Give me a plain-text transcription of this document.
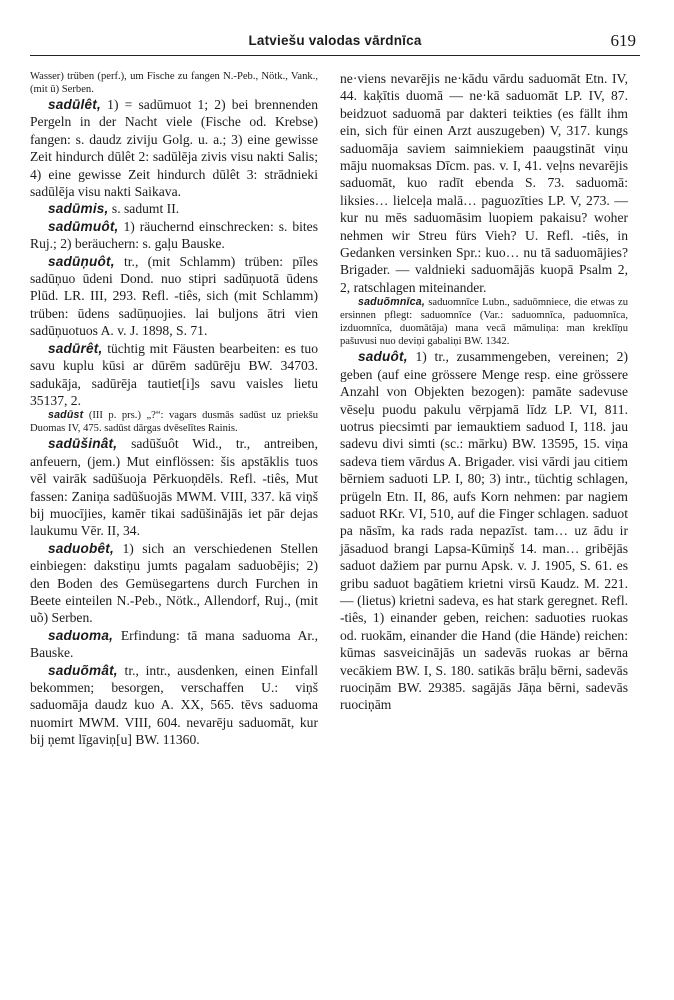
Latviešu valodas vārdnīca	619

Wasser) trüben (perf.), um Fische zu fangen N.-Peb., Nötk., Vank., (mit ū) Serben.

sadūlêt, 1) = sadūmuot 1; 2) bei brennenden Pergeln in der Nacht viele (Fische od. Krebse) fangen: s. daudz ziviju Golg. u. a.; 3) eine gewisse Zeit hindurch dūlêt 2: sadūlēja zivis visu nakti Salis; 4) eine gewisse Zeit hindurch dūlêt 3: strādnieki sadūlēja visu nakti Saikava.

sadūmis, s. sadumt II.

sadūmuôt, 1) räuchernd einschrecken: s. bites Ruj.; 2) beräuchern: s. gaļu Bauske.

sadūņuôt, tr., (mit Schlamm) trüben: pīles sadūņuo ūdeni Dond. nuo stipri sadūņuotā ūdens Plūd. LR. III, 293. Refl. -tiês, sich (mit Schlamm) trüben: ūdens sadūņuojies. lai buljons ātri vien sadūņuotuos A. v. J. 1898, S. 71.

sadūrêt, tüchtig mit Fäusten bearbeiten: es tuo savu kuplu kūsi ar dūrēm sadūrēju BW. 34703. sadukāja, sadūrēja tautiet[i]s savu vaisles lietu 35137, 2.

sadūst (III p. prs.) „?“: vagars dusmās sadūst uz priekšu Duomas IV, 475. sadūst dārgas dvēselītes Rainis.

sadūšinât, sadūšuôt Wid., tr., antreiben, anfeuern, (jem.) Mut einflössen: šis apstāklis tuos vēl vairāk sadūšuoja Pērkuoņdēls. Refl. -tiês, Mut fassen: Zaniņa sadūšuojās MWM. VIII, 337. kā viņš bij muocījies, kamēr tikai sadūšinājās iet pār dejas laukumu Vēr. II, 34.

saduobêt, 1) sich an verschiedenen Stellen einbiegen: dakstiņu jumts pagalam saduobējis; 2) den Boden des Gemüsegartens durch Furchen in Beete einteilen N.-Peb., Nötk., Allendorf, Ruj., (mit uõ) Serben.

saduoma, Erfindung: tā mana saduoma Ar., Bauske.

saduõmât, tr., intr., ausdenken, einen Einfall bekommen; besorgen, verschaffen U.: viņš saduomāja daudz kuo A. XX, 565. tēvs saduoma nuomirt MWM. VIII, 604. nevarēju saduomāt, kur bij ņemt līgaviņ[u] BW. 11360.

ne·viens nevarējis ne·kādu vārdu saduomāt Etn. IV, 44. kaķītis duomā — ne·kā saduomāt LP. IV, 87. beidzuot saduomā par dakteri teikties (es fällt ihm ein, sich für einen Arzt auszugeben) V, 317. kungs saduomāja saviem saimniekiem paaugstināt viņu māju nuomaksas Dīcm. pas. v. I, 41. veļns nevarējis saduomāt, kuo radīt ebenda S. 73. saduomā: liksies… lielceļa malā… paguozīties LP. V, 273. — kur nu mēs saduomāsim luopiem pakaisu? woher nehmen wir Streu fürs Vieh? U. Refl. -tiês, in Gedanken versinken Spr.: kuo… nu tā saduomājies? Brigader. — valdnieki saduomājās kuopā Psalm 2, 2, ratschlagen miteinander.

saduõmnīca, saduomnīce Lubn., saduōmniece, die etwas zu ersinnen pflegt: saduomnīce (Var.: saduomnīca, paduomnīca, izduomnīca, duomātāja) mana vecā māmuliņa: man kreklīņu pašuvusi nuo deviņi gabaliņi BW. 1342.

saduôt, 1) tr., zusammengeben, vereinen; 2) geben (auf eine grössere Menge resp. eine grössere Anzahl von Objekten bezogen): pamāte sadevuse vēseļu puodu pakulu vērpjamā līdz LP. VI, 811. uotrus piecsimti par iemauktiem saduod I, 118. jau sadevu divi simti (sc.: mārku) BW. 13595, 15. viņa sadeva tiem vārdus A. Brigader. visi vārdi jau citiem bērniem saduoti LP. I, 80; 3) intr., tüchtig schlagen, prügeln Etn. II, 86, aufs Korn nehmen: par nagiem saduot RKr. VI, 510, auf die Finger schlagen. saduot pa nāsīm, ka rads rada nepazīst. tam… uz ādu ir jāsaduod brangi Lapsa-Kūmiņš 14. man… gribējās saduot dažiem par purnu Apsk. v. J. 1905, S. 61. es gribu saduot bagātiem krietni virsū Kaudz. M. 221. — (lietus) krietni sadeva, es hat stark geregnet. Refl. -tiês, 1) einander geben, reichen: saduoties ruokas od. ruokām, einander die Hand (die Hände) reichen: kūmas sasveicinājās un sadevās ruokas ar bērna vecākiem BW. I, S. 180. satikās brāļu bērni, sadevās ruociņām BW. 29385. sagājās Jāņa bērni, sadevās ruociņām
